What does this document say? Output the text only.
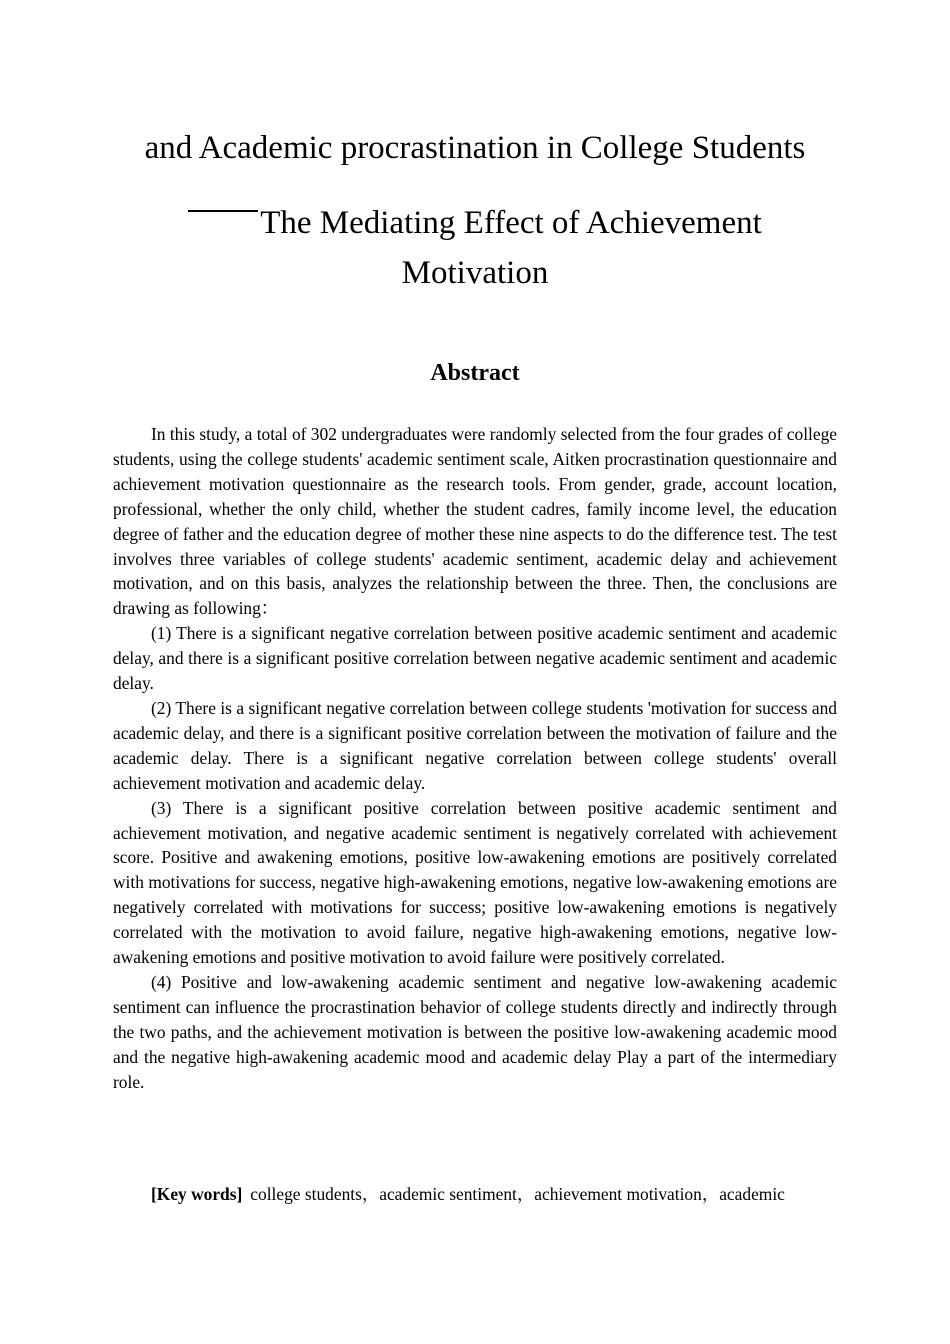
and Academic procrastination in College Students
The Mediating Effect of Achievement
Motivation
Abstract

In this study, a total of 302 undergraduates were randomly selected from the four grades of college students, using the college students' academic sentiment scale, Aitken procrastination questionnaire and achievement motivation questionnaire as the research tools. From gender, grade, account location, professional, whether the only child, whether the student cadres, family income level, the education degree of father and the education degree of mother these nine aspects to do the difference test. The test involves three variables of college students' academic sentiment, academic delay and achievement motivation, and on this basis, analyzes the relationship between the three. Then, the conclusions are drawing as following：

(1) There is a significant negative correlation between positive academic sentiment and academic delay, and there is a significant positive correlation between negative academic sentiment and academic delay.

(2) There is a significant negative correlation between college students 'motivation for success and academic delay, and there is a significant positive correlation between the motivation of failure and the academic delay. There is a significant negative correlation between college students' overall achievement motivation and academic delay.

(3) There is a significant positive correlation between positive academic sentiment and achievement motivation, and negative academic sentiment is negatively correlated with achievement score. Positive and awakening emotions, positive low-awakening emotions are positively correlated with motivations for success, negative high-awakening emotions, negative low-awakening emotions are negatively correlated with motivations for success; positive low-awakening emotions is negatively correlated with the motivation to avoid failure, negative high-awakening emotions, negative low-awakening emotions and positive motivation to avoid failure were positively correlated.

(4) Positive and low-awakening academic sentiment and negative low-awakening academic sentiment can influence the procrastination behavior of college students directly and indirectly through the two paths, and the achievement motivation is between the positive low-awakening academic mood and the negative high-awakening academic mood and academic delay Play a part of the intermediary role.

[Key words] college students，academic sentiment，achievement motivation，academic
